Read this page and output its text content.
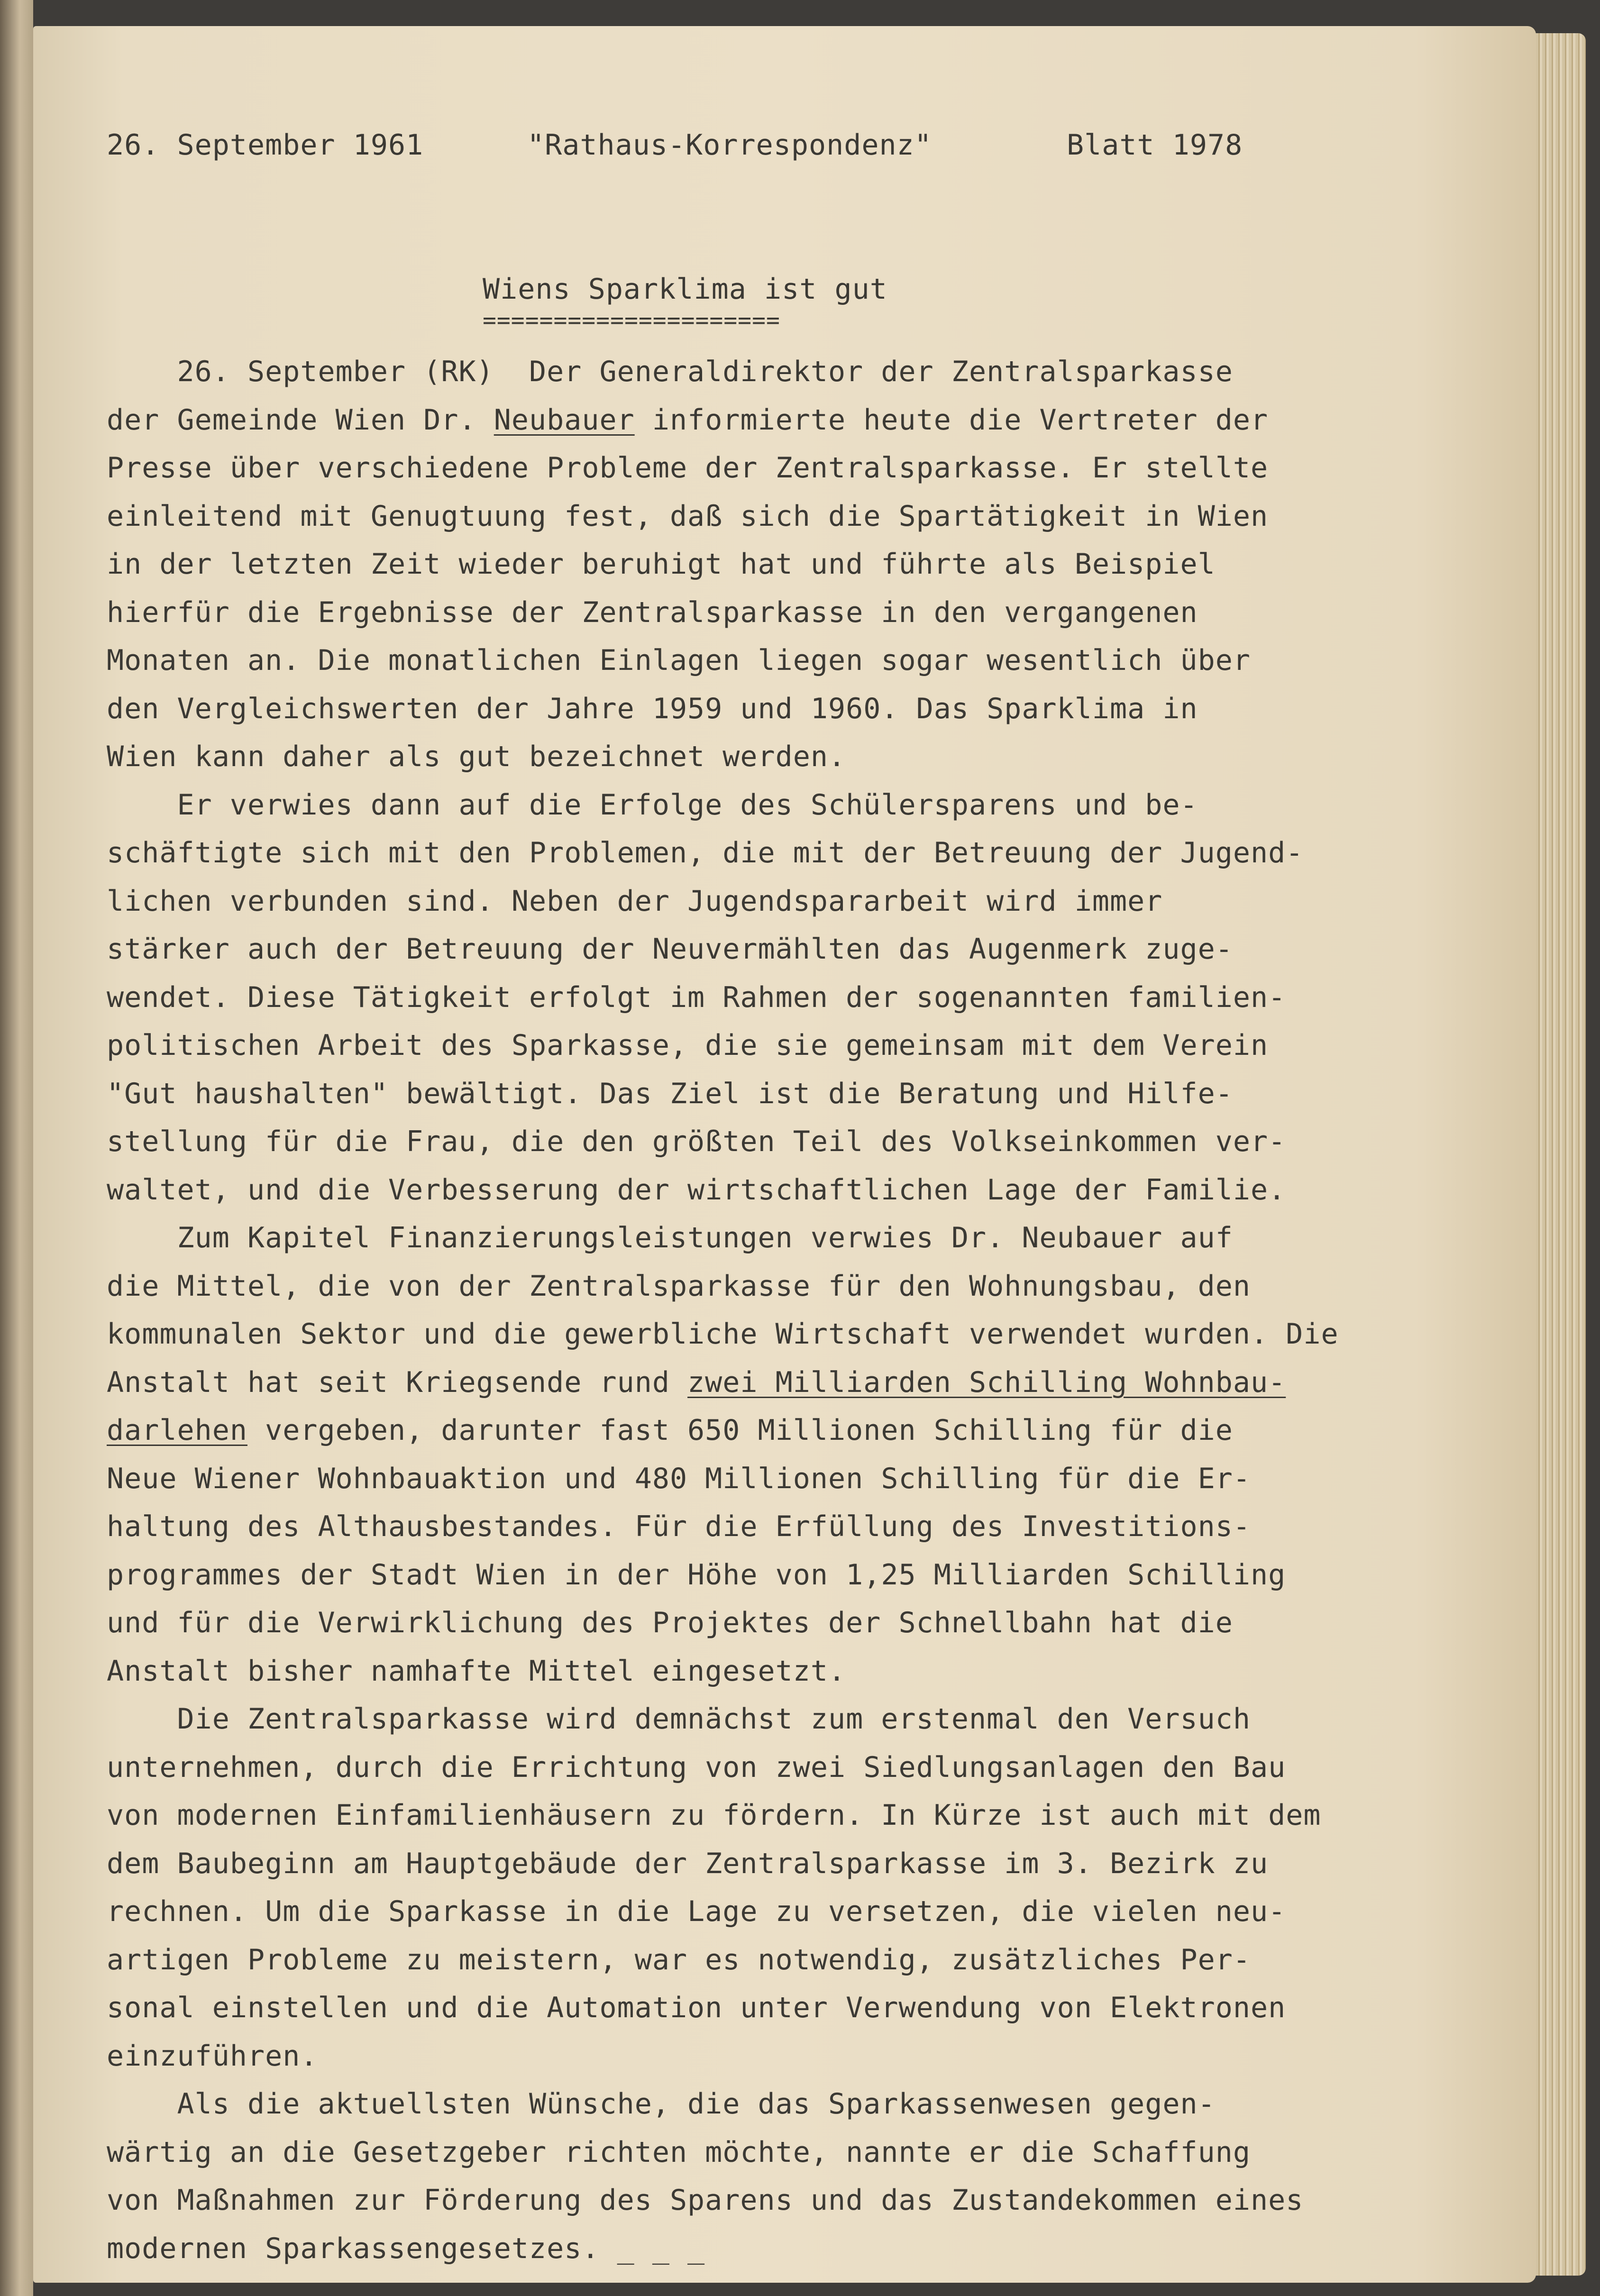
26. September 1961	"Rathaus-Korrespondenz"	Blatt 1978
Wiens Sparklima ist gut
=====================
26. September (RK)  Der Generaldirektor der Zentralsparkasse
der Gemeinde Wien Dr. Neubauer informierte heute die Vertreter der
Presse über verschiedene Probleme der Zentralsparkasse. Er stellte
einleitend mit Genugtuung fest, daß sich die Spartätigkeit in Wien
in der letzten Zeit wieder beruhigt hat und führte als Beispiel
hierfür die Ergebnisse der Zentralsparkasse in den vergangenen
Monaten an. Die monatlichen Einlagen liegen sogar wesentlich über
den Vergleichswerten der Jahre 1959 und 1960. Das Sparklima in
Wien kann daher als gut bezeichnet werden.
Er verwies dann auf die Erfolge des Schülersparens und be-
schäftigte sich mit den Problemen, die mit der Betreuung der Jugend-
lichen verbunden sind. Neben der Jugendspararbeit wird immer
stärker auch der Betreuung der Neuvermählten das Augenmerk zuge-
wendet. Diese Tätigkeit erfolgt im Rahmen der sogenannten familien-
politischen Arbeit des Sparkasse, die sie gemeinsam mit dem Verein
"Gut haushalten" bewältigt. Das Ziel ist die Beratung und Hilfe-
stellung für die Frau, die den größten Teil des Volkseinkommen ver-
waltet, und die Verbesserung der wirtschaftlichen Lage der Familie.
Zum Kapitel Finanzierungsleistungen verwies Dr. Neubauer auf
die Mittel, die von der Zentralsparkasse für den Wohnungsbau, den
kommunalen Sektor und die gewerbliche Wirtschaft verwendet wurden. Die
Anstalt hat seit Kriegsende rund zwei Milliarden Schilling Wohnbau-
darlehen vergeben, darunter fast 650 Millionen Schilling für die
Neue Wiener Wohnbauaktion und 480 Millionen Schilling für die Er-
haltung des Althausbestandes. Für die Erfüllung des Investitions-
programmes der Stadt Wien in der Höhe von 1,25 Milliarden Schilling
und für die Verwirklichung des Projektes der Schnellbahn hat die
Anstalt bisher namhafte Mittel eingesetzt.
Die Zentralsparkasse wird demnächst zum erstenmal den Versuch
unternehmen, durch die Errichtung von zwei Siedlungsanlagen den Bau
von modernen Einfamilienhäusern zu fördern. In Kürze ist auch mit dem
dem Baubeginn am Hauptgebäude der Zentralsparkasse im 3. Bezirk zu
rechnen. Um die Sparkasse in die Lage zu versetzen, die vielen neu-
artigen Probleme zu meistern, war es notwendig, zusätzliches Per-
sonal einstellen und die Automation unter Verwendung von Elektronen
einzuführen.
Als die aktuellsten Wünsche, die das Sparkassenwesen gegen-
wärtig an die Gesetzgeber richten möchte, nannte er die Schaffung
von Maßnahmen zur Förderung des Sparens und das Zustandekommen eines
modernen Sparkassengesetzes. _ _ _
